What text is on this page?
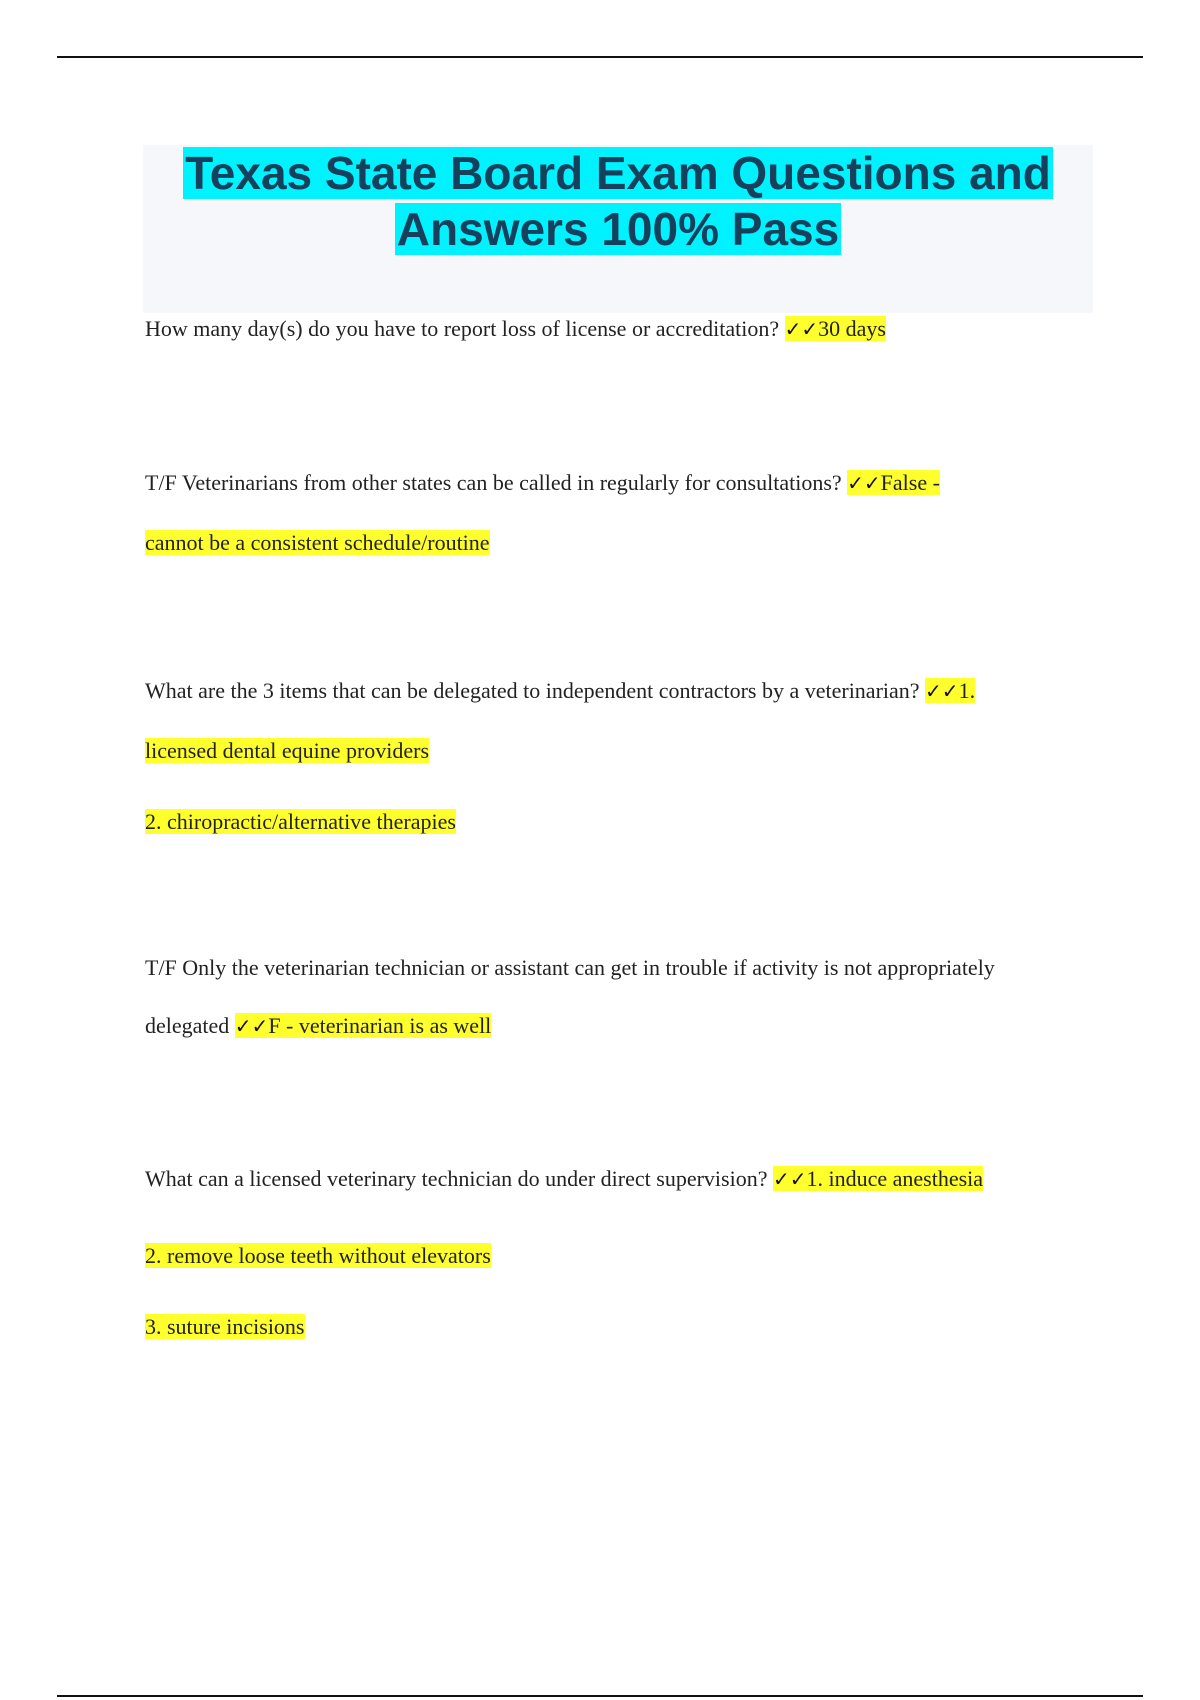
Texas State Board Exam Questions and
Answers 100% Pass

How many day(s) do you have to report loss of license or accreditation? ✓✓30 days

T/F Veterinarians from other states can be called in regularly for consultations? ✓✓False -

cannot be a consistent schedule/routine

What are the 3 items that can be delegated to independent contractors by a veterinarian? ✓✓1.

licensed dental equine providers

2. chiropractic/alternative therapies

T/F Only the veterinarian technician or assistant can get in trouble if activity is not appropriately

delegated ✓✓F - veterinarian is as well

What can a licensed veterinary technician do under direct supervision? ✓✓1. induce anesthesia

2. remove loose teeth without elevators

3. suture incisions
